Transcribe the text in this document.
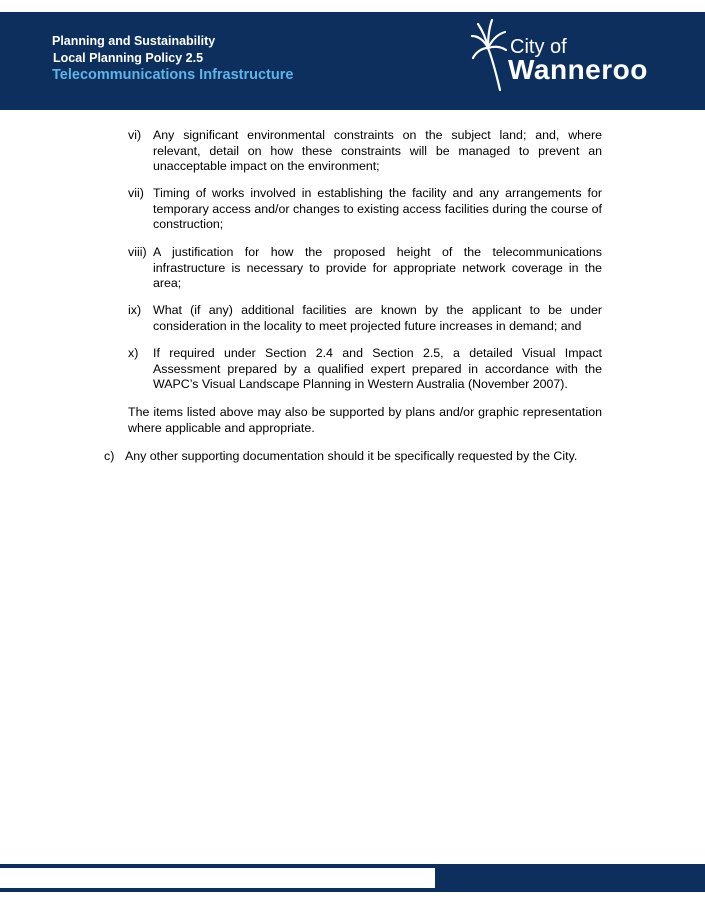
Planning and Sustainability
Local Planning Policy 2.5
Telecommunications Infrastructure
City of
Wanneroo
vi) Any significant environmental constraints on the subject land; and, where relevant, detail on how these constraints will be managed to prevent an unacceptable impact on the environment;
vii) Timing of works involved in establishing the facility and any arrangements for temporary access and/or changes to existing access facilities during the course of construction;
viii) A justification for how the proposed height of the telecommunications infrastructure is necessary to provide for appropriate network coverage in the area;
ix) What (if any) additional facilities are known by the applicant to be under consideration in the locality to meet projected future increases in demand; and
x) If required under Section 2.4 and Section 2.5, a detailed Visual Impact Assessment prepared by a qualified expert prepared in accordance with the WAPC’s Visual Landscape Planning in Western Australia (November 2007).
The items listed above may also be supported by plans and/or graphic representation where applicable and appropriate.
c) Any other supporting documentation should it be specifically requested by the City.
